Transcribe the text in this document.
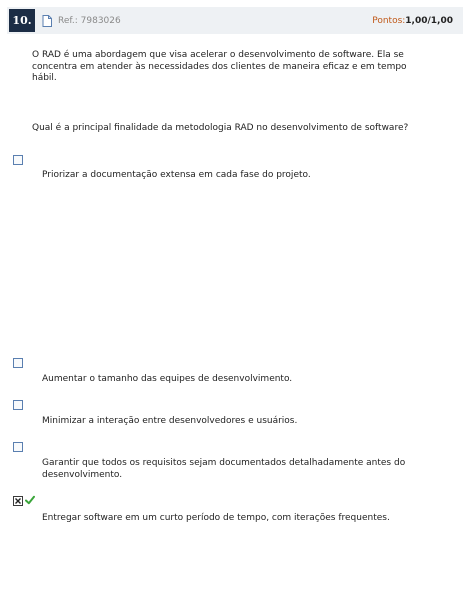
10.	Ref.: 7983026	Pontos:1,00/1,00
O RAD é uma abordagem que visa acelerar o desenvolvimento de software. Ela se concentra em atender às necessidades dos clientes de maneira eficaz e em tempo hábil.
Qual é a principal finalidade da metodologia RAD no desenvolvimento de software?
Priorizar a documentação extensa em cada fase do projeto.
Aumentar o tamanho das equipes de desenvolvimento.
Minimizar a interação entre desenvolvedores e usuários.
Garantir que todos os requisitos sejam documentados detalhadamente antes do desenvolvimento.
Entregar software em um curto período de tempo, com iterações frequentes.
